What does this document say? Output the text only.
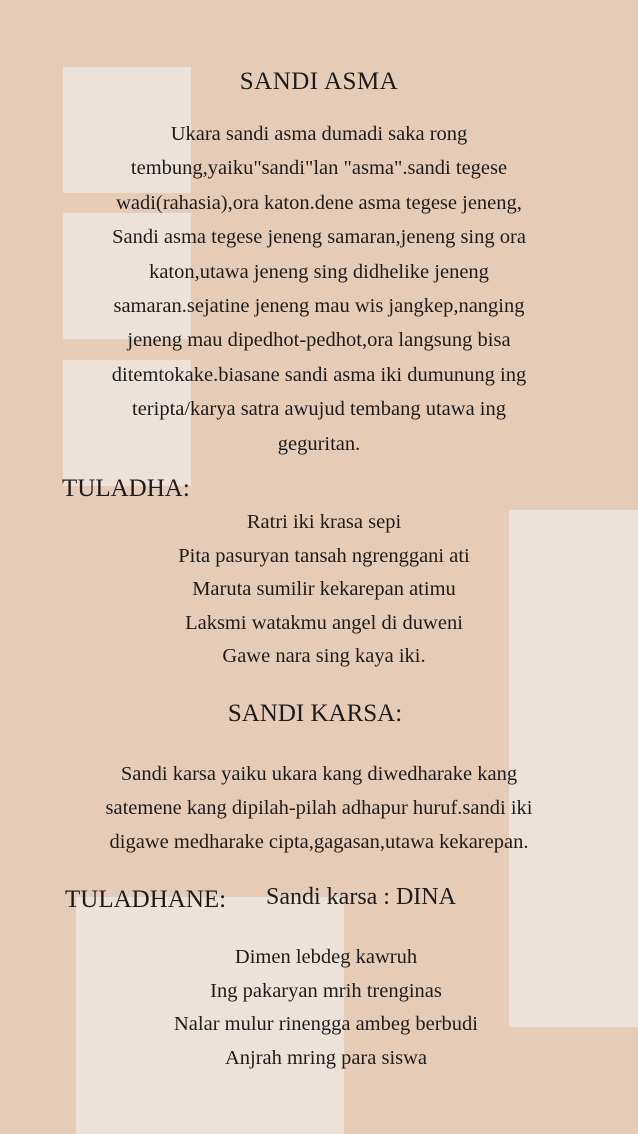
SANDI ASMA
Ukara sandi asma dumadi saka rong
tembung,yaiku"sandi"lan "asma".sandi tegese
wadi(rahasia),ora katon.dene asma tegese jeneng,
Sandi asma tegese jeneng samaran,jeneng sing ora
katon,utawa jeneng sing didhelike jeneng
samaran.sejatine jeneng mau wis jangkep,nanging
jeneng mau dipedhot-pedhot,ora langsung bisa
ditemtokake.biasane sandi asma iki dumunung ing
teripta/karya satra awujud tembang utawa ing
geguritan.
TULADHA:
Ratri iki krasa sepi
Pita pasuryan tansah ngrenggani ati
Maruta sumilir kekarepan atimu
Laksmi watakmu angel di duweni
Gawe nara sing kaya iki.
SANDI KARSA:
Sandi karsa yaiku ukara kang diwedharake kang
satemene kang dipilah-pilah adhapur huruf.sandi iki
digawe medharake cipta,gagasan,utawa kekarepan.
TULADHANE: Sandi karsa : DINA
Dimen lebdeg kawruh
Ing pakaryan mrih trenginas
Nalar mulur rinengga ambeg berbudi
Anjrah mring para siswa
